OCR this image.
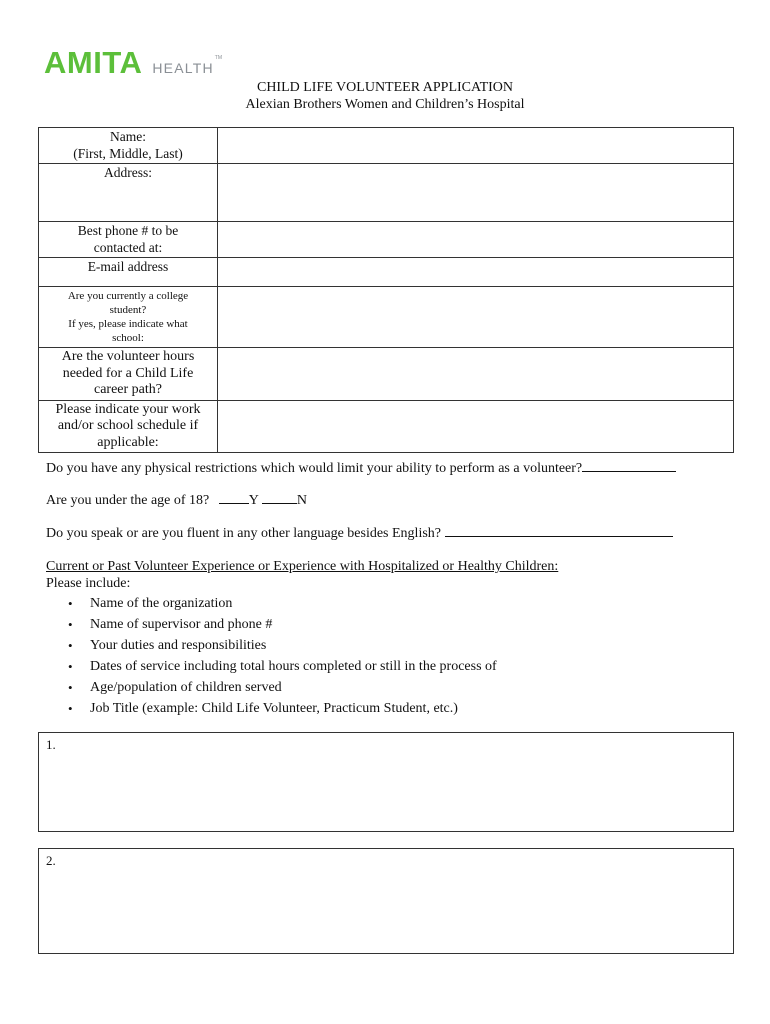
AMITA HEALTH
TM
CHILD LIFE VOLUNTEER APPLICATION
Alexian Brothers Women and Children’s Hospital
Name:
(First, Middle, Last)	

Address:	

Best phone # to be
contacted at:	

E-mail address	

Are you currently a college
student?
If yes, please indicate what
school:	

Are the volunteer hours
needed for a Child Life
career path?	

Please indicate your work
and/or school schedule if
applicable:	

Do you have any physical restrictions which would limit your ability to perform as a volunteer?
Are you under the age of 18?	Y	N
Do you speak or are you fluent in any other language besides English?
Current or Past Volunteer Experience or Experience with Hospitalized or Healthy Children:
Please include:
• Name of the organization
• Name of supervisor and phone #
• Your duties and responsibilities
• Dates of service including total hours completed or still in the process of
• Age/population of children served
• Job Title (example: Child Life Volunteer, Practicum Student, etc.)
1.
2.
